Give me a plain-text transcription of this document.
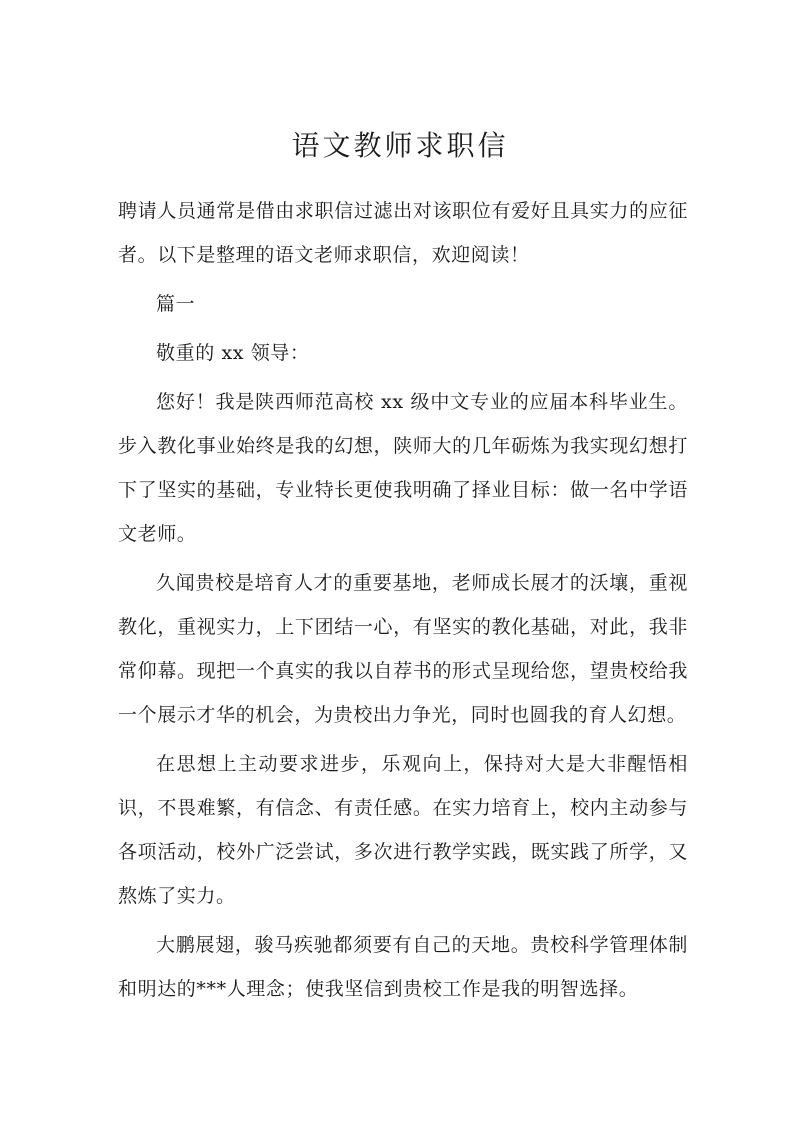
语文教师求职信

聘请人员通常是借由求职信过滤出对该职位有爱好且具实力的应征者。以下是整理的语文老师求职信，欢迎阅读！

篇一

敬重的 xx 领导：

您好！我是陕西师范高校 xx 级中文专业的应届本科毕业生。步入教化事业始终是我的幻想，陕师大的几年砺炼为我实现幻想打下了坚实的基础，专业特长更使我明确了择业目标：做一名中学语文老师。

久闻贵校是培育人才的重要基地，老师成长展才的沃壤，重视教化，重视实力，上下团结一心，有坚实的教化基础，对此，我非常仰幕。现把一个真实的我以自荐书的形式呈现给您，望贵校给我一个展示才华的机会，为贵校出力争光，同时也圆我的育人幻想。

在思想上主动要求进步，乐观向上，保持对大是大非醒悟相识，不畏难繁，有信念、有责任感。在实力培育上，校内主动参与各项活动，校外广泛尝试，多次进行教学实践，既实践了所学，又熬炼了实力。

大鹏展翅，骏马疾驰都须要有自己的天地。贵校科学管理体制和明达的***人理念；使我坚信到贵校工作是我的明智选择。
